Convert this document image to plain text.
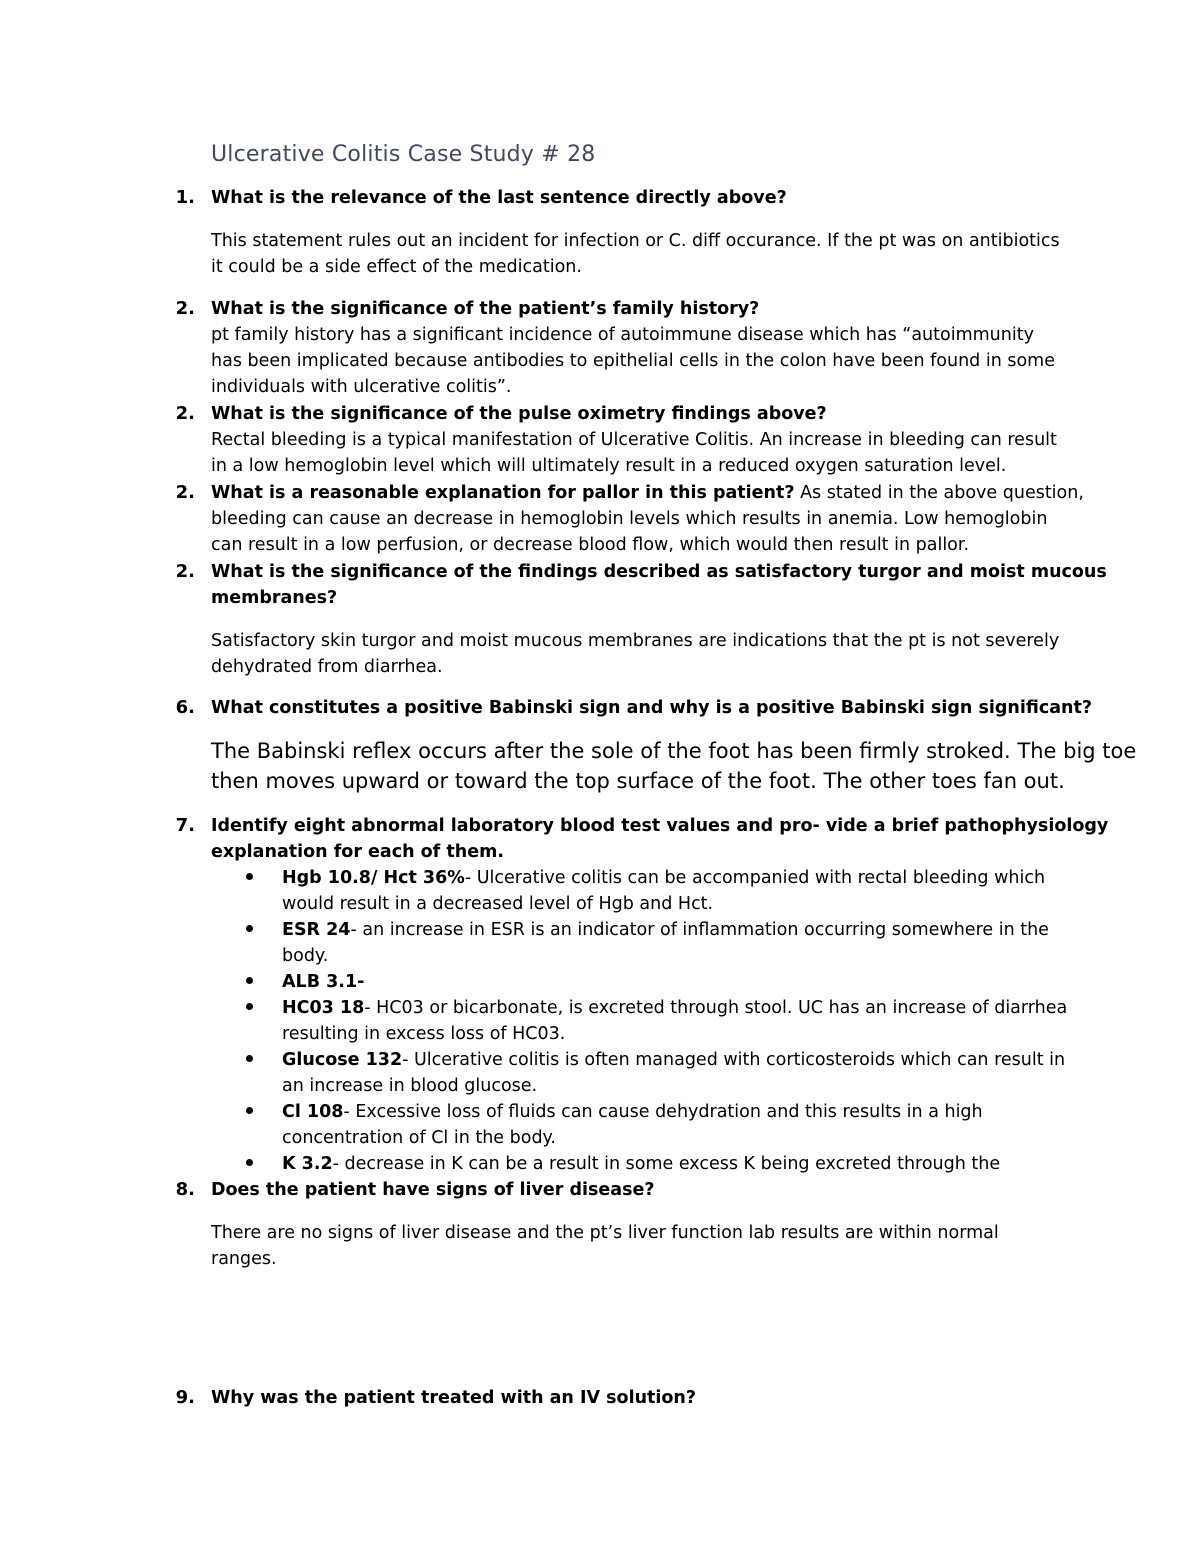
Ulcerative Colitis Case Study # 28
1. What is the relevance of the last sentence directly above?
This statement rules out an incident for infection or C. diff occurance. If the pt was on antibiotics
it could be a side effect of the medication.
2. What is the significance of the patient’s family history?
pt family history has a significant incidence of autoimmune disease which has “autoimmunity
has been implicated because antibodies to epithelial cells in the colon have been found in some
individuals with ulcerative colitis”.
2. What is the significance of the pulse oximetry findings above?
Rectal bleeding is a typical manifestation of Ulcerative Colitis. An increase in bleeding can result
in a low hemoglobin level which will ultimately result in a reduced oxygen saturation level.
2. What is a reasonable explanation for pallor in this patient? As stated in the above question,
bleeding can cause an decrease in hemoglobin levels which results in anemia. Low hemoglobin
can result in a low perfusion, or decrease blood flow, which would then result in pallor.
2. What is the significance of the findings described as satisfactory turgor and moist mucous
membranes?
Satisfactory skin turgor and moist mucous membranes are indications that the pt is not severely
dehydrated from diarrhea.
6. What constitutes a positive Babinski sign and why is a positive Babinski sign significant?
The Babinski reflex occurs after the sole of the foot has been firmly stroked. The big toe
then moves upward or toward the top surface of the foot. The other toes fan out.
7. Identify eight abnormal laboratory blood test values and pro- vide a brief pathophysiology
explanation for each of them.
Hgb 10.8/ Hct 36%- Ulcerative colitis can be accompanied with rectal bleeding which
would result in a decreased level of Hgb and Hct.
ESR 24- an increase in ESR is an indicator of inflammation occurring somewhere in the
body.
ALB 3.1-
HC03 18- HC03 or bicarbonate, is excreted through stool. UC has an increase of diarrhea
resulting in excess loss of HC03.
Glucose 132- Ulcerative colitis is often managed with corticosteroids which can result in
an increase in blood glucose.
Cl 108- Excessive loss of fluids can cause dehydration and this results in a high
concentration of Cl in the body.
K 3.2- decrease in K can be a result in some excess K being excreted through the
8. Does the patient have signs of liver disease?
There are no signs of liver disease and the pt’s liver function lab results are within normal
ranges.
9. Why was the patient treated with an IV solution?
